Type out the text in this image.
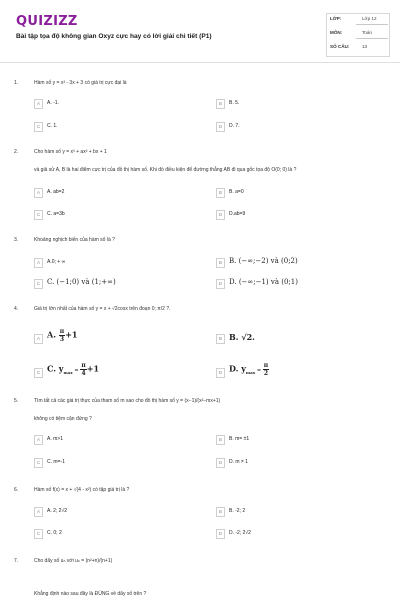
QUIZIZZ
Bài tập tọa độ không gian Oxyz cực hay có lời giải chi tiết (P1)
LỚP:	Lớp 12
MÔN:	Toán
SỐ CÂU:	13
1.	Hàm số y = x³ - 3x + 3 có giá trị cực đại là
A	A. -1.	B	B. 5.
C	C. 1.	D	D. 7.
2.	Cho hàm số y = x³ + ax² + bx + 1
và giả sử A, B là hai điểm cực trị của đồ thị hàm số. Khi đó điều kiện để đường thẳng AB đi qua gốc tọa độ O(0; 0) là ?
A	A. ab=2	B	B. a=0
C	C. a=3b	D	D.ab=9
3.	Khoảng nghịch biến của hàm số là ?
A	A.0; + ∞	B	B. (−∞;−2) và (0;2)
C C. (−1;0) và (1;+∞)	D D. (−∞;−1) và (0;1)
4.	Giá trị lớn nhất của hàm số y = x + √2cosx trên đoạn 0; π/2 ?.
A A. $\frac{\pi}{3} +1$	B B. √2.
C C. $y_{max} = \frac{\pi}{4} +1$	D D. $y_{max} = \frac{\pi}{2}$
5.	Tìm tất cả các giá trị thực của tham số m sao cho đồ thị hàm số y = (x−1)/(x²−mx+1)
không có tiệm cận đứng ?
A	A. m>1	B	B. m= ±1
C	C. m=-1	D	D. m ≠ 1
6.	Hàm số f(x) = x + √(4 - x²) có tập giá trị là ?
A	A. 2; 2√2	B	B. -2; 2
C	C. 0; 2	D	D. -2; 2√2
7.	Cho dãy số uₙ với uₙ = (n²+n)/(n+1)
Khẳng định nào sau đây là ĐÚNG về dãy số trên ?
